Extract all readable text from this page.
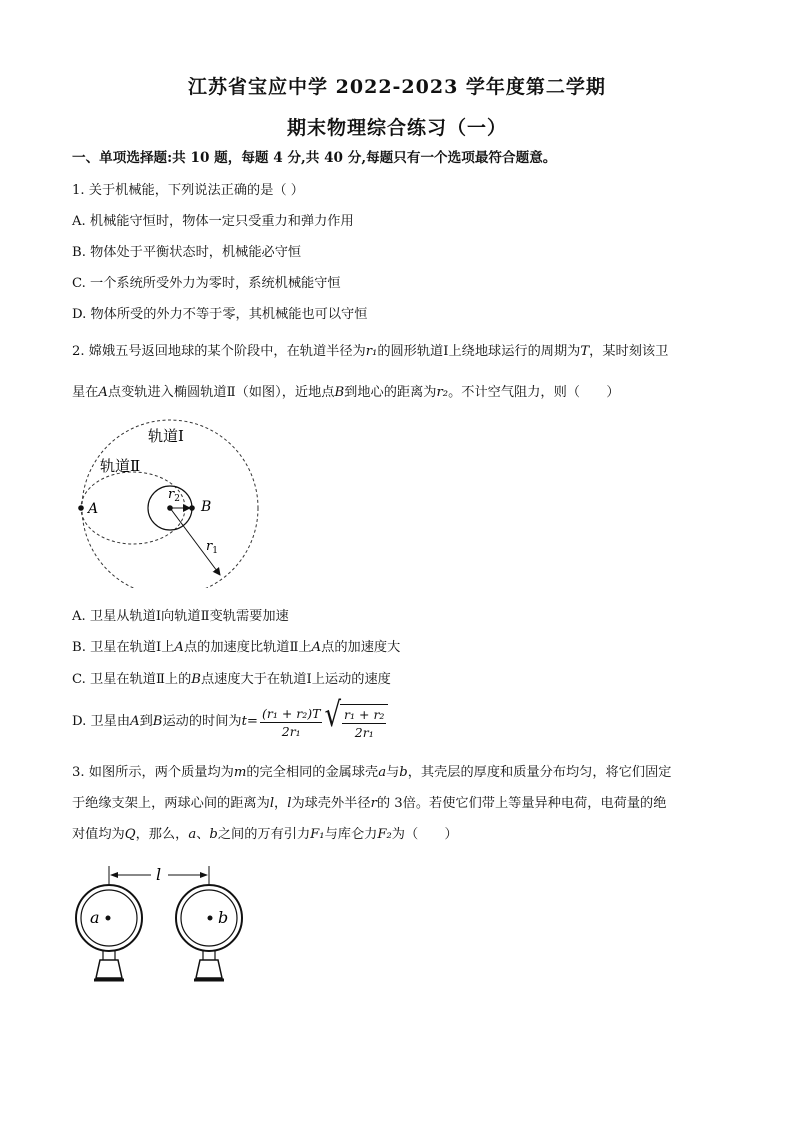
江苏省宝应中学 2022-2023 学年度第二学期
期末物理综合练习（一）
一、单项选择题:共 10 题，每题 4 分,共 40 分,每题只有一个选项最符合题意。
1. 关于机械能，下列说法正确的是（ ）
A. 机械能守恒时，物体一定只受重力和弹力作用
B. 物体处于平衡状态时，机械能必守恒
C. 一个系统所受外力为零时，系统机械能守恒
D. 物体所受的外力不等于零，其机械能也可以守恒
2. 嫦娥五号返回地球的某个阶段中，在轨道半径为r₁的圆形轨道Ⅰ上绕地球运行的周期为T，某时刻该卫
星在A点变轨进入椭圆轨道Ⅱ（如图），近地点B到地心的距离为r₂。不计空气阻力，则（　　）
轨道Ⅰ
轨道Ⅱ
A	B
$r_2$
$r_1$
A. 卫星从轨道Ⅰ向轨道Ⅱ变轨需要加速
B. 卫星在轨道Ⅰ上A点的加速度比轨道Ⅱ上A点的加速度大
C. 卫星在轨道Ⅱ上的B点速度大于在轨道Ⅰ上运动的速度
D. 卫星由 A 到 B 运动的时间为 $t = \frac{\text{(r₁ + r₂)T}}{\text{2r₁}}$ √ $\frac{\text{r₁ + r₂}}{\text{2r₁}}$
3. 如图所示，两个质量均为m的完全相同的金属球壳a与b，其壳层的厚度和质量分布均匀，将它们固定
于绝缘支架上，两球心间的距离为l，l为球壳外半径r的 3倍。若使它们带上等量异种电荷，电荷量的绝
对值均为Q，那么，a、b之间的万有引力F₁与库仑力F₂为（　　）
l
a	b
